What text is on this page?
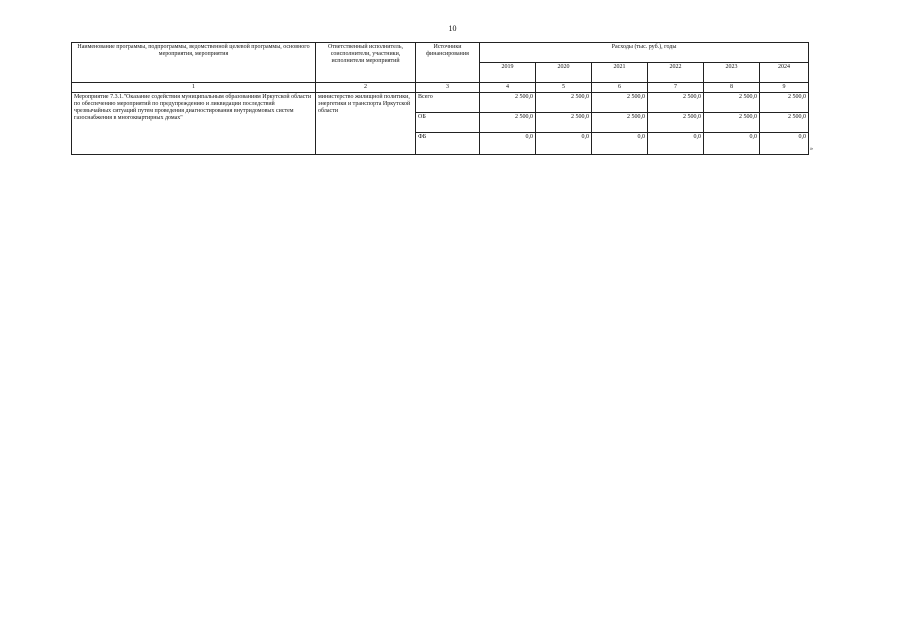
10
Наименование программы, подпрограммы, ведомственной целевой программы, основного мероприятия, мероприятия	Ответственный исполнитель, соисполнители, участники, исполнители мероприятий	Источники финансирования	Расходы (тыс. руб.), годы					
			2019	2020	2021	2022	2023	2024
1	2	3	4	5	6	7	8	9
Мероприятие 7.3.1."Оказание содействия муниципальным образованиям Иркутской области по обеспечению мероприятий по предупреждению и ликвидации последствий чрезвычайных ситуаций путем проведения диагностирования внутридомовых систем газоснабжения в многоквартирных домах"	министерство жилищной политики, энергетики и транспорта Иркутской области	Всего	2 500,0	2 500,0	2 500,0	2 500,0	2 500,0	2 500,0
		ОБ	2 500,0	2 500,0	2 500,0	2 500,0	2 500,0	2 500,0
		ФБ	0,0	0,0	0,0	0,0	0,0	0,0
»
